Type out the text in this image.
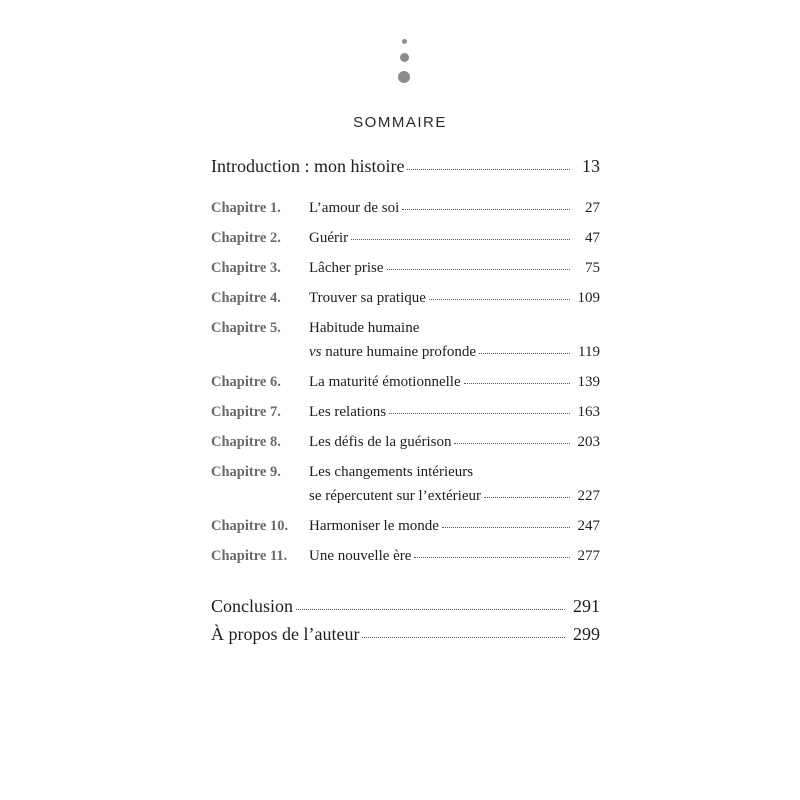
SOMMAIRE
Introduction : mon histoire	13
Chapitre 1.	L’amour de soi	27
Chapitre 2.	Guérir	47
Chapitre 3.	Lâcher prise	75
Chapitre 4.	Trouver sa pratique	109
Chapitre 5.	Habitude humaine
vs nature humaine profonde	119
Chapitre 6.	La maturité émotionnelle	139
Chapitre 7.	Les relations	163
Chapitre 8.	Les défis de la guérison	203
Chapitre 9.	Les changements intérieurs
se répercutent sur l’extérieur	227
Chapitre 10.	Harmoniser le monde	247
Chapitre 11.	Une nouvelle ère	277
Conclusion	291
À propos de l’auteur	299
